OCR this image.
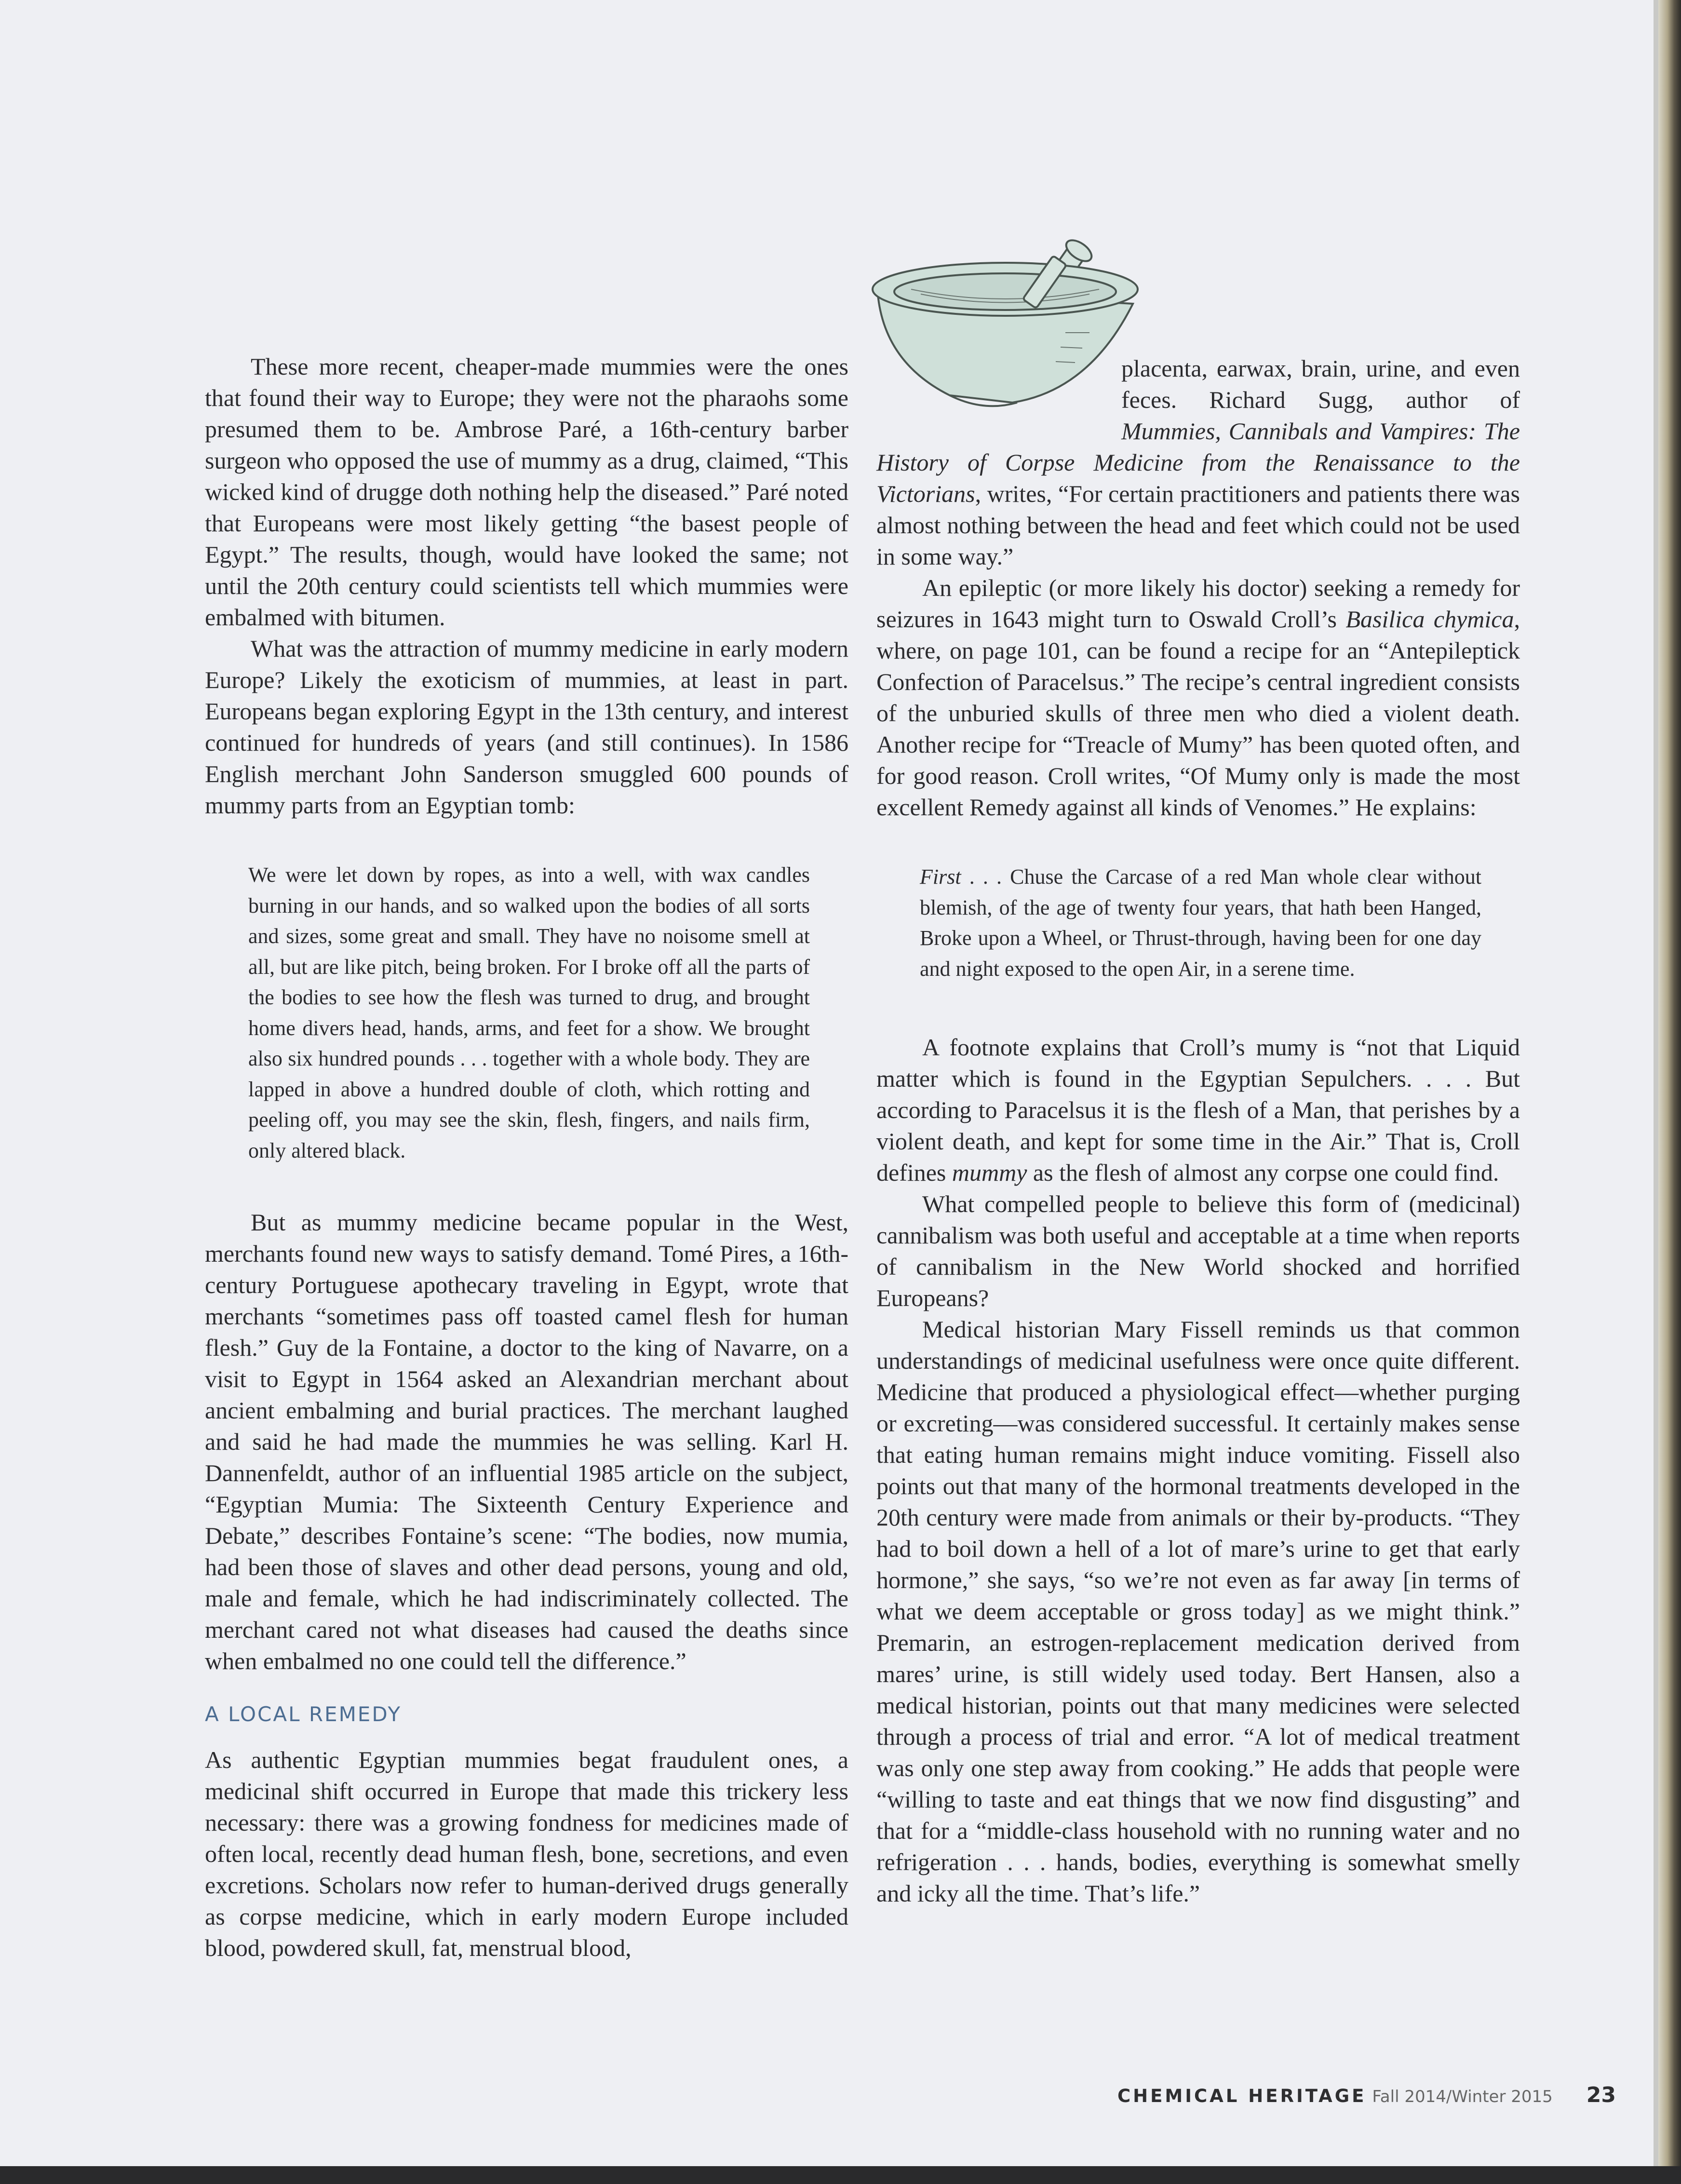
These more recent, cheaper-made mummies were the ones that found their way to Europe; they were not the pharaohs some presumed them to be. Ambrose Paré, a 16th-century barber surgeon who opposed the use of mummy as a drug, claimed, “This wicked kind of drugge doth nothing help the diseased.” Paré noted that Europeans were most likely getting “the basest people of Egypt.” The results, though, would have looked the same; not until the 20th century could scientists tell which mummies were embalmed with bitumen.

What was the attraction of mummy medicine in early modern Europe? Likely the exoticism of mummies, at least in part. Europeans began exploring Egypt in the 13th century, and interest continued for hundreds of years (and still continues). In 1586 English merchant John Sanderson smuggled 600 pounds of mummy parts from an Egyptian tomb:

We were let down by ropes, as into a well, with wax candles burning in our hands, and so walked upon the bodies of all sorts and sizes, some great and small. They have no noisome smell at all, but are like pitch, being broken. For I broke off all the parts of the bodies to see how the flesh was turned to drug, and brought home divers head, hands, arms, and feet for a show. We brought also six hundred pounds . . . together with a whole body. They are lapped in above a hundred double of cloth, which rotting and peeling off, you may see the skin, flesh, fingers, and nails firm, only altered black.

But as mummy medicine became popular in the West, merchants found new ways to satisfy demand. Tomé Pires, a 16th-century Portuguese apothecary traveling in Egypt, wrote that merchants “sometimes pass off toasted camel flesh for human flesh.” Guy de la Fontaine, a doctor to the king of Navarre, on a visit to Egypt in 1564 asked an Alexandrian merchant about ancient embalming and burial practices. The merchant laughed and said he had made the mummies he was selling. Karl H. Dannenfeldt, author of an influential 1985 article on the subject, “Egyptian Mumia: The Sixteenth Century Experience and Debate,” describes Fontaine’s scene: “The bodies, now mumia, had been those of slaves and other dead persons, young and old, male and female, which he had indiscriminately collected. The merchant cared not what diseases had caused the deaths since when embalmed no one could tell the difference.”

A LOCAL REMEDY

As authentic Egyptian mummies begat fraudulent ones, a medicinal shift occurred in Europe that made this trickery less necessary: there was a growing fondness for medicines made of often local, recently dead human flesh, bone, secretions, and even excretions. Scholars now refer to human-derived drugs generally as corpse medicine, which in early modern Europe included blood, powdered skull, fat, menstrual blood,

placenta, earwax, brain, urine, and even feces. Richard Sugg, author of Mummies, Cannibals and Vampires: The History of Corpse Medicine from the Renaissance to the Victorians, writes, “For certain practitioners and patients there was almost nothing between the head and feet which could not be used in some way.”

An epileptic (or more likely his doctor) seeking a remedy for seizures in 1643 might turn to Oswald Croll’s Basilica chymica, where, on page 101, can be found a recipe for an “Antepileptick Confection of Paracelsus.” The recipe’s central ingredient consists of the unburied skulls of three men who died a violent death. Another recipe for “Treacle of Mumy” has been quoted often, and for good reason. Croll writes, “Of Mumy only is made the most excellent Remedy against all kinds of Venomes.” He explains:

First . . . Chuse the Carcase of a red Man whole clear without blemish, of the age of twenty four years, that hath been Hanged, Broke upon a Wheel, or Thrust-through, having been for one day and night exposed to the open Air, in a serene time.

A footnote explains that Croll’s mumy is “not that Liquid matter which is found in the Egyptian Sepulchers. . . . But according to Paracelsus it is the flesh of a Man, that perishes by a violent death, and kept for some time in the Air.” That is, Croll defines mummy as the flesh of almost any corpse one could find.

What compelled people to believe this form of (medicinal) cannibalism was both useful and acceptable at a time when reports of cannibalism in the New World shocked and horrified Europeans?

Medical historian Mary Fissell reminds us that common understandings of medicinal usefulness were once quite different. Medicine that produced a physiological effect—whether purging or excreting—was considered successful. It certainly makes sense that eating human remains might induce vomiting. Fissell also points out that many of the hormonal treatments developed in the 20th century were made from animals or their by-products. “They had to boil down a hell of a lot of mare’s urine to get that early hormone,” she says, “so we’re not even as far away [in terms of what we deem acceptable or gross today] as we might think.” Premarin, an estrogen-replacement medication derived from mares’ urine, is still widely used today. Bert Hansen, also a medical historian, points out that many medicines were selected through a process of trial and error. “A lot of medical treatment was only one step away from cooking.” He adds that people were “willing to taste and eat things that we now find disgusting” and that for a “middle-class household with no running water and no refrigeration . . . hands, bodies, everything is somewhat smelly and icky all the time. That’s life.”

CHEMICAL HERITAGE Fall 2014/Winter 2015 23
